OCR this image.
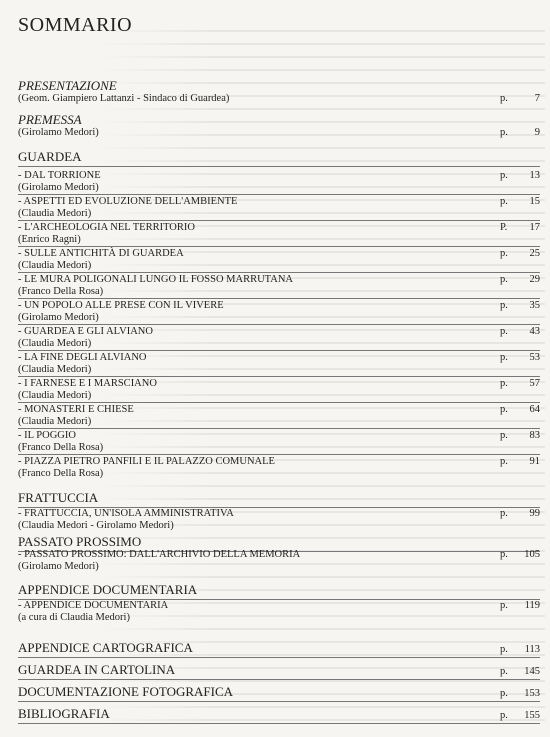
SOMMARIO
PRESENTAZIONE
(Geom. Giampiero Lattanzi - Sindaco di Guardea)	p.	7
PREMESSA
(Girolamo Medori)	p.	9
GUARDEA
- DAL TORRIONE	p. 13
(Girolamo Medori)
- ASPETTI ED EVOLUZIONE DELL'AMBIENTE	p. 15
(Claudia Medori)
- L'ARCHEOLOGIA NEL TERRITORIO	P. 17
(Enrico Ragni)
- SULLE ANTICHITÀ DI GUARDEA	p. 25
(Claudia Medori)
- LE MURA POLIGONALI LUNGO IL FOSSO MARRUTANA	p. 29
(Franco Della Rosa)
- UN POPOLO ALLE PRESE CON IL VIVERE	p. 35
(Girolamo Medori)
- GUARDEA E GLI ALVIANO	p. 43
(Claudia Medori)
- LA FINE DEGLI ALVIANO	p. 53
(Claudia Medori)
- I FARNESE E I MARSCIANO	p. 57
(Claudia Medori)
- MONASTERI E CHIESE	p. 64
(Claudia Medori)
- IL POGGIO	p. 83
(Franco Della Rosa)
- PIAZZA PIETRO PANFILI E IL PALAZZO COMUNALE	p. 91
(Franco Della Rosa)
FRATTUCCIA
- FRATTUCCIA, UN'ISOLA AMMINISTRATIVA	p. 99
(Claudia Medori - Girolamo Medori)
PASSATO PROSSIMO
- PASSATO PROSSIMO: DALL'ARCHIVIO DELLA MEMORIA	p. 105
(Girolamo Medori)
APPENDICE DOCUMENTARIA
- APPENDICE DOCUMENTARIA	p. 119
(a cura di Claudia Medori)
APPENDICE CARTOGRAFICA	p. 113
GUARDEA IN CARTOLINA	p. 145
DOCUMENTAZIONE FOTOGRAFICA	p. 153
BIBLIOGRAFIA	p. 155
